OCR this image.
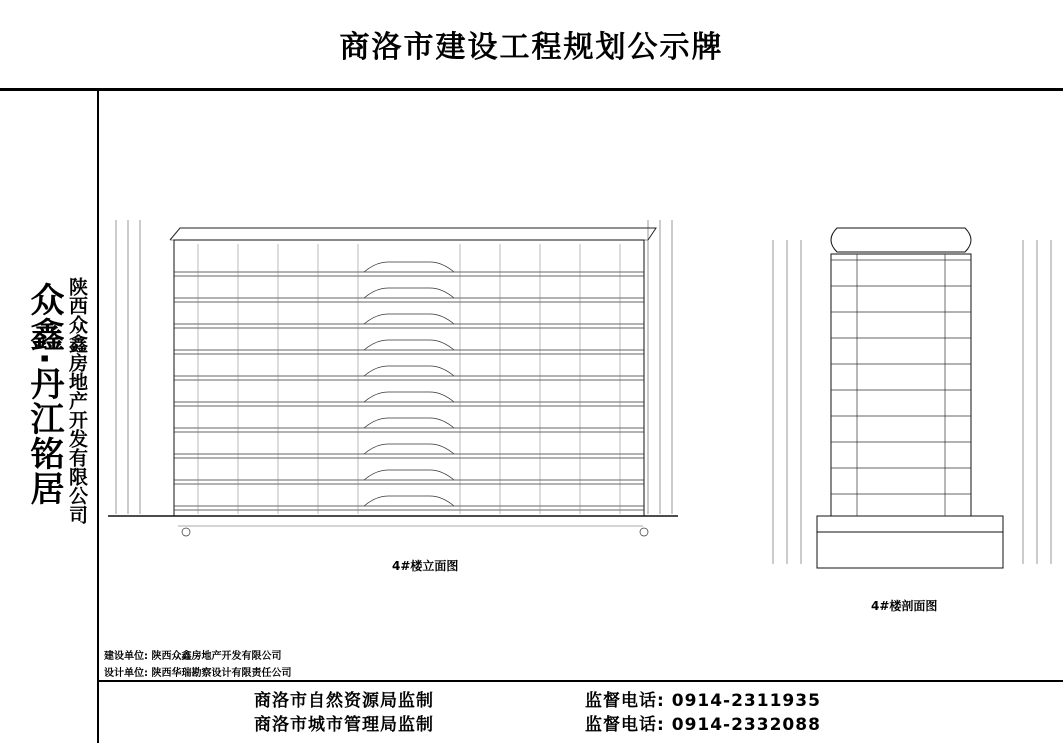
商洛市建设工程规划公示牌
众鑫·丹江铭居 陕西众鑫房地产开发有限公司
4#楼立面图
4#楼剖面图
建设单位: 陕西众鑫房地产开发有限公司
设计单位: 陕西华瑞勘察设计有限责任公司
商洛市自然资源局监制	监督电话: 0914-2311935
商洛市城市管理局监制	监督电话: 0914-2332088
